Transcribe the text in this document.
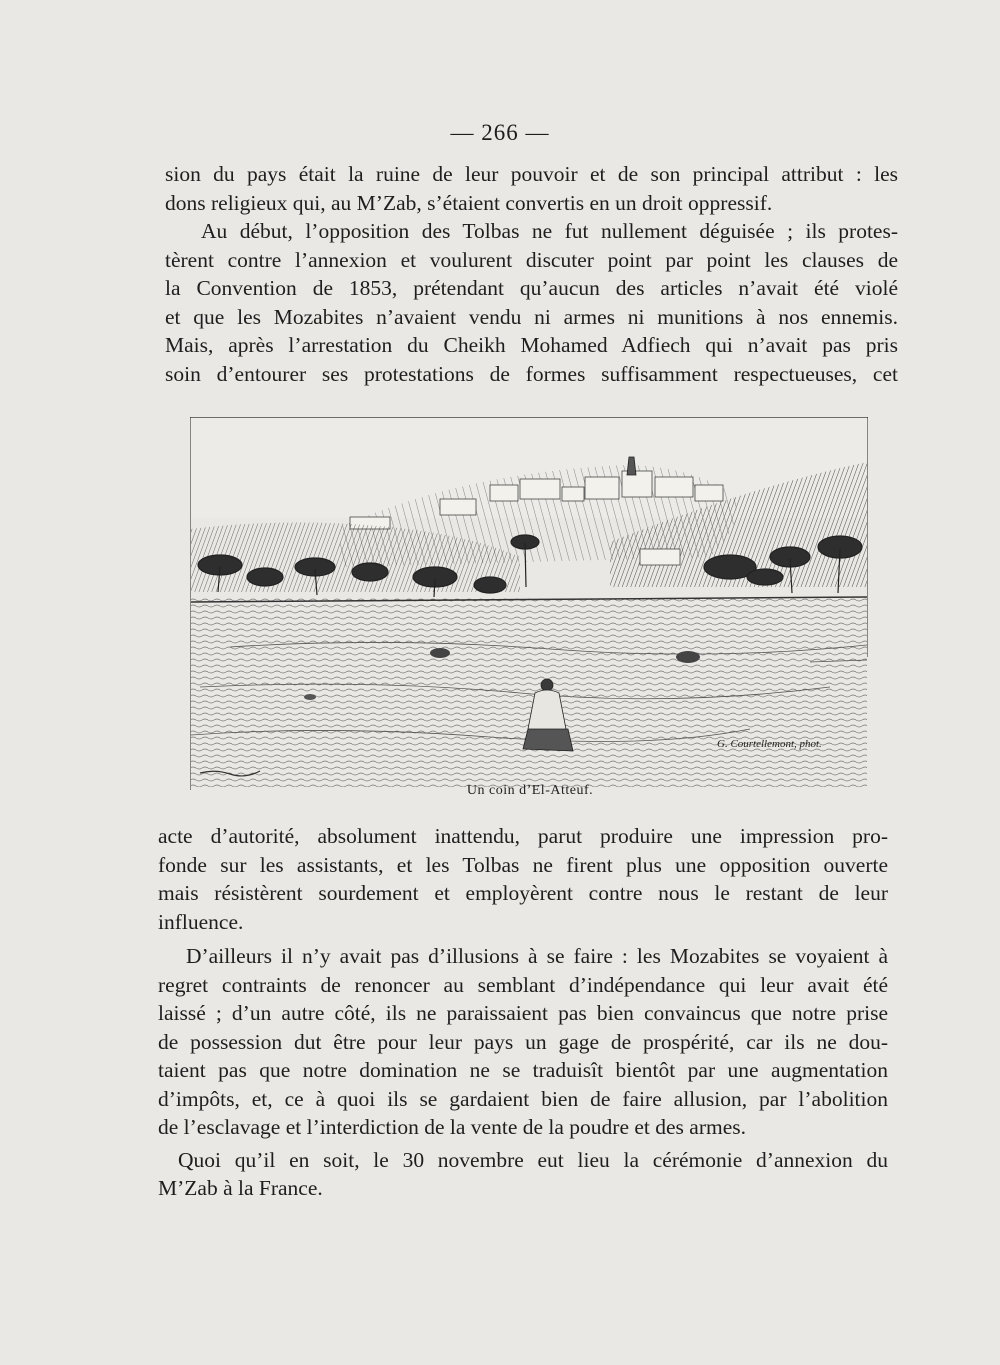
— 266 —
sion du pays était la ruine de leur pouvoir et de son principal attribut : les
dons religieux qui, au M’Zab, s’étaient convertis en un droit oppressif.
Au début, l’opposition des Tolbas ne fut nullement déguisée ; ils protes-
tèrent contre l’annexion et voulurent discuter point par point les clauses de
la Convention de 1853, prétendant qu’aucun des articles n’avait été violé
et que les Mozabites n’avaient vendu ni armes ni munitions à nos ennemis.
Mais, après l’arrestation du Cheikh Mohamed Adfiech qui n’avait pas pris
soin d’entourer ses protestations de formes suffisamment respectueuses, cet
G. Courtellemont, phot.
Un coin d’El-Atteuf.
acte d’autorité, absolument inattendu, parut produire une impression pro-
fonde sur les assistants, et les Tolbas ne firent plus une opposition ouverte
mais résistèrent sourdement et employèrent contre nous le restant de leur
influence.
D’ailleurs il n’y avait pas d’illusions à se faire : les Mozabites se voyaient à
regret contraints de renoncer au semblant d’indépendance qui leur avait été
laissé ; d’un autre côté, ils ne paraissaient pas bien convaincus que notre prise
de possession dut être pour leur pays un gage de prospérité, car ils ne dou-
taient pas que notre domination ne se traduisît bientôt par une augmentation
d’impôts, et, ce à quoi ils se gardaient bien de faire allusion, par l’abolition
de l’esclavage et l’interdiction de la vente de la poudre et des armes.
Quoi qu’il en soit, le 30 novembre eut lieu la cérémonie d’annexion du
M’Zab à la France.
